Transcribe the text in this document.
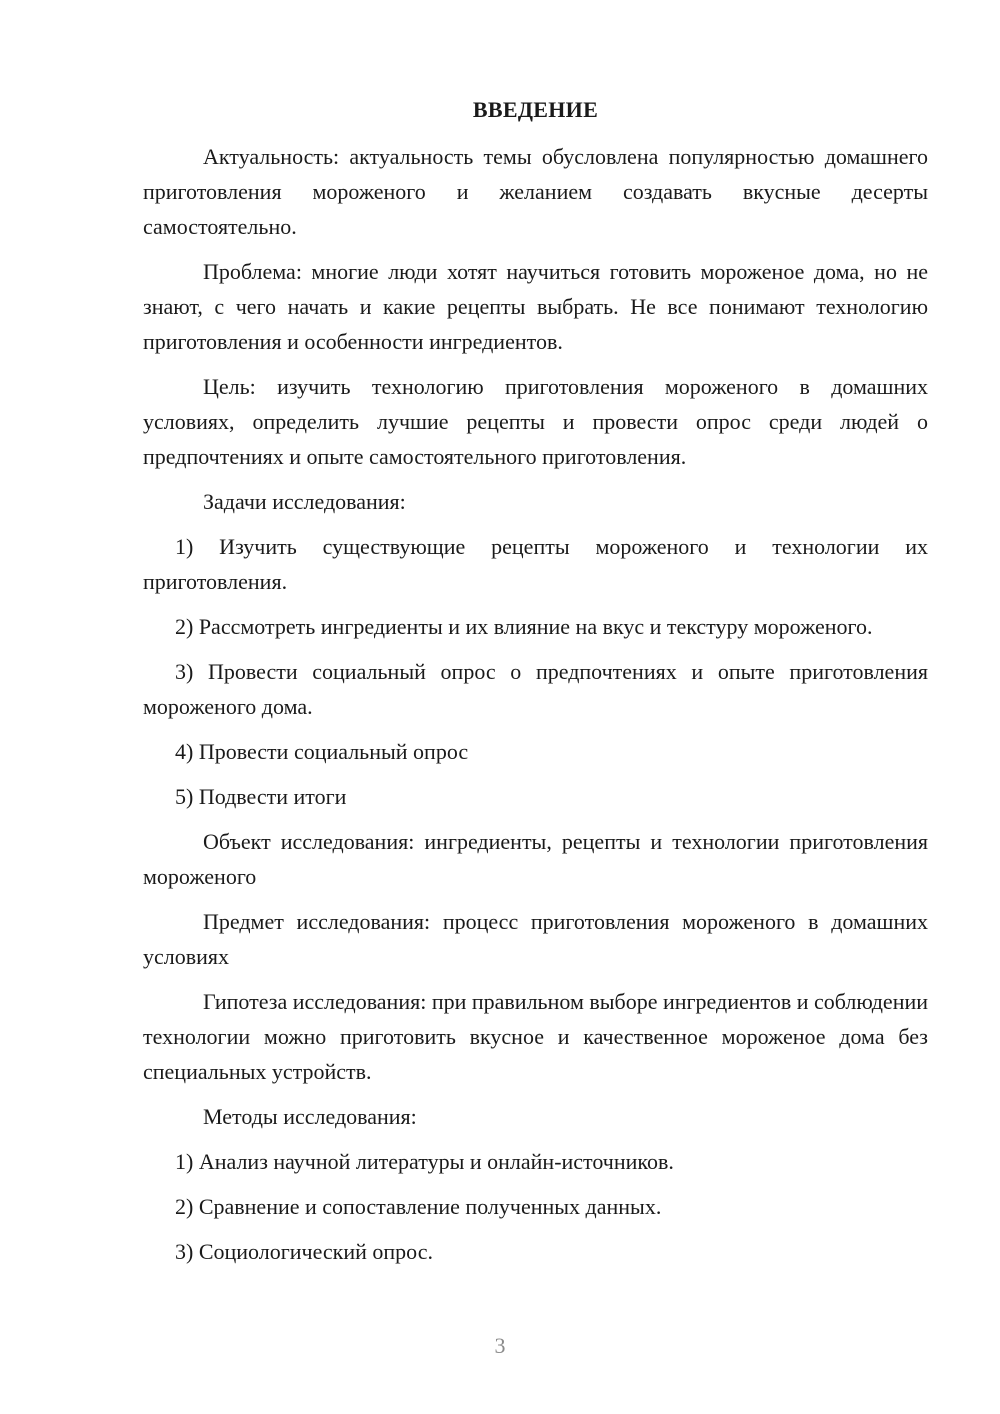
ВВЕДЕНИЕ

Актуальность: актуальность темы обусловлена популярностью домашнего приготовления мороженого и желанием создавать вкусные десерты самостоятельно.

Проблема: многие люди хотят научиться готовить мороженое дома, но не знают, с чего начать и какие рецепты выбрать. Не все понимают технологию приготовления и особенности ингредиентов.

Цель: изучить технологию приготовления мороженого в домашних условиях, определить лучшие рецепты и провести опрос среди людей о предпочтениях и опыте самостоятельного приготовления.

Задачи исследования:

1) Изучить существующие рецепты мороженого и технологии их приготовления.

2) Рассмотреть ингредиенты и их влияние на вкус и текстуру мороженого.

3) Провести социальный опрос о предпочтениях и опыте приготовления мороженого дома.

4) Провести социальный опрос

5) Подвести итоги

Объект исследования: ингредиенты, рецепты и технологии приготовления мороженого

Предмет исследования: процесс приготовления мороженого в домашних условиях

Гипотеза исследования: при правильном выборе ингредиентов и соблюдении технологии можно приготовить вкусное и качественное мороженое дома без специальных устройств.

Методы исследования:

1) Анализ научной литературы и онлайн-источников.

2) Сравнение и сопоставление полученных данных.

3) Социологический опрос.

3
